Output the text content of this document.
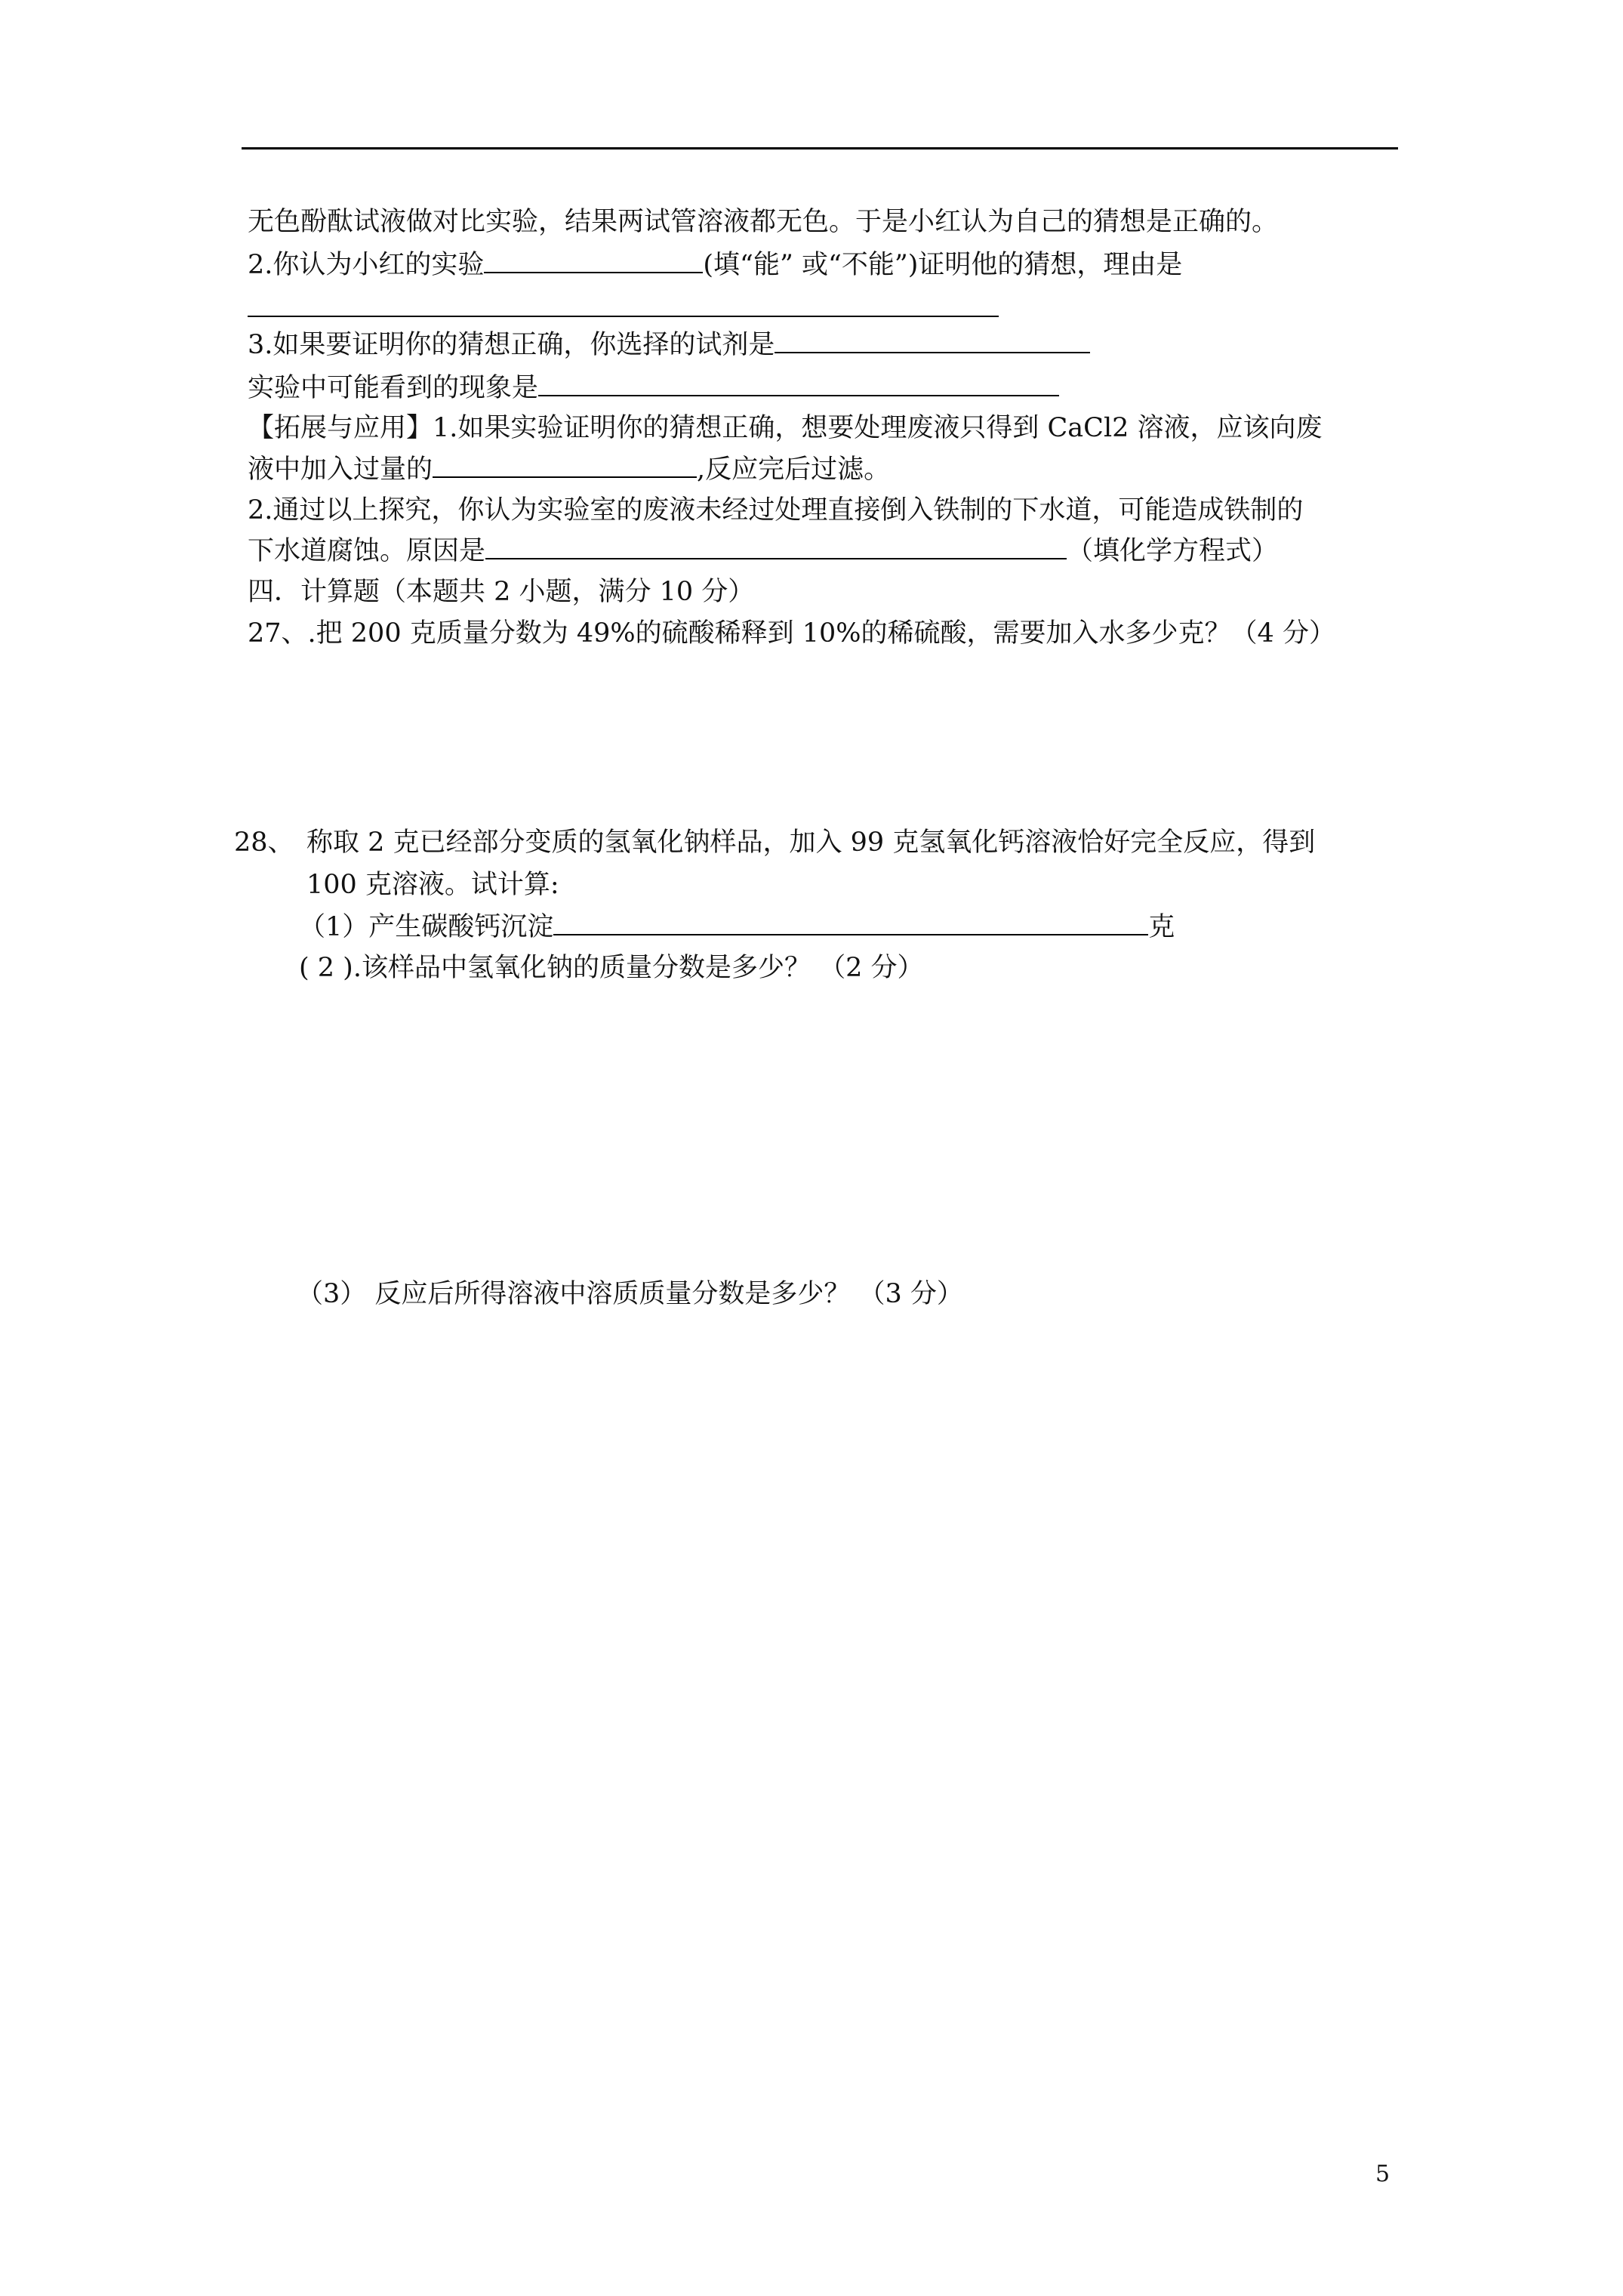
无色酚酞试液做对比实验，结果两试管溶液都无色。于是小红认为自己的猜想是正确的。
2.你认为小红的实验	(填“能” 或“不能”)证明他的猜想，理由是
3.如果要证明你的猜想正确，你选择的试剂是
实验中可能看到的现象是
【拓展与应用】1.如果实验证明你的猜想正确，想要处理废液只得到 CaCl2 溶液，应该向废
液中加入过量的	,反应完后过滤。
2.通过以上探究，你认为实验室的废液未经过处理直接倒入铁制的下水道，可能造成铁制的
下水道腐蚀。原因是	（填化学方程式）
四．计算题（本题共 2 小题，满分 10 分）
27、.把 200 克质量分数为 49%的硫酸稀释到 10%的稀硫酸，需要加入水多少克？（4 分）
28、 称取 2 克已经部分变质的氢氧化钠样品，加入 99 克氢氧化钙溶液恰好完全反应，得到
100 克溶液。试计算:
（1）产生碳酸钙沉淀	克
( 2 ).该样品中氢氧化钠的质量分数是多少？ （2 分）
（3） 反应后所得溶液中溶质质量分数是多少？ （3 分）
5
